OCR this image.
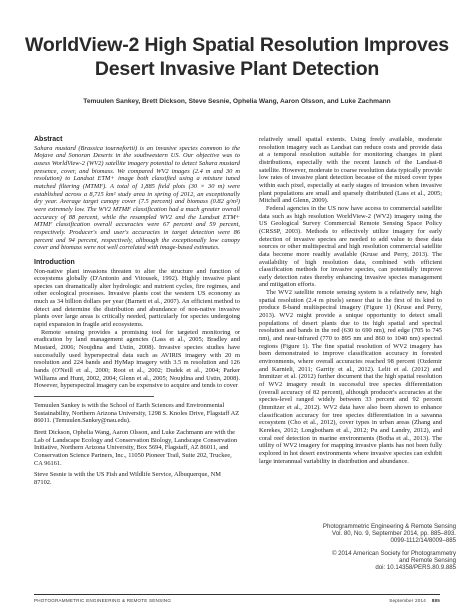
WorldView-2 High Spatial Resolution Improves
Desert Invasive Plant Detection
Temuulen Sankey, Brett Dickson, Steve Sesnie, Ophelia Wang, Aaron Olsson, and Luke Zachmann
Abstract

Sahara mustard (Brassica tournefortii) is an invasive species common to the Mojave and Sonoran Deserts in the southwestern US. Our objective was to assess WorldView-2 (WV2) satellite imagery potential to detect Sahara mustard presence, cover, and biomass. We compared WV2 images (2.4 m and 30 m resolution) to Landsat ETM+ image both classified using a mixture tuned matched filtering (MTMF). A total of 1,885 field plots (30 × 30 m) were established across a 8,715 km² study area in spring of 2012, an exceptionally dry year. Average target canopy cover (7.5 percent) and biomass (0.82 g/m²) were extremely low. The WV2 MTMF classification had a much greater overall accuracy of 88 percent, while the resampled WV2 and the Landsat ETM+ MTMF classification overall accuracies were 67 percent and 59 percent, respectively. Producer's and user's accuracies in target detection were 86 percent and 94 percent, respectively, although the exceptionally low canopy cover and biomass were not well correlated with image-based estimates.

Introduction

Non-native plant invasions threaten to alter the structure and function of ecosystems globally (D'Antonio and Vitousek, 1992). Highly invasive plant species can dramatically alter hydrologic and nutrient cycles, fire regimes, and other ecological processes. Invasive plants cost the western US economy as much as 34 billion dollars per year (Barnett et al., 2007). An efficient method to detect and determine the distribution and abundance of non-native invasive plants over large areas is critically needed, particularly for species undergoing rapid expansion in fragile arid ecosystems.

Remote sensing provides a promising tool for targeted monitoring or eradication by land management agencies (Lass et al., 2005; Bradley and Mustard, 2006; Noujdina and Ustin, 2008). Invasive species studies have successfully used hyperspectral data such as AVIRIS imagery with 20 m resolution and 224 bands and HyMap imagery with 3.5 m resolution and 126 bands (O'Neill et al., 2000; Root et al., 2002; Dudek et al., 2004; Parker Williams and Hunt, 2002, 2004; Glenn et al., 2005; Noujdina and Ustin, 2008). However, hyperspectral imagery can be expensive to acquire and tends to cover

Temuulen Sankey is with the School of Earth Sciences and Environmental Sustainability, Northern Arizona University, 1298 S. Knoles Drive, Flagstaff AZ 86011. (Temuulen.Sankey@nau.edu).

Brett Dickson, Ophelia Wang, Aaron Olsson, and Luke Zachmann are with the Lab of Landscape Ecology and Conservation Biology, Landscape Conservation Initiative, Northern Arizona University, Box 5694, Flagstaff, AZ 86011, and Conservation Science Partners, Inc., 11050 Pioneer Trail, Suite 202, Truckee, CA 96161.

Steve Sesnie is with the US Fish and Wildlife Service, Albuquerque, NM 87102.

relatively small spatial extents. Using freely available, moderate resolution imagery such as Landsat can reduce costs and provide data at a temporal resolution suitable for monitoring changes in plant distributions, especially with the recent launch of the Landsat-8 satellite. However, moderate to coarse resolution data typically provide low rates of invasive plant detection because of the mixed cover types within each pixel, especially at early stages of invasion when invasive plant populations are small and sparsely distributed (Lass et al., 2005; Mitchell and Glenn, 2009).

Federal agencies in the US now have access to commercial satellite data such as high resolution WorldView-2 (WV2) imagery using the US Geological Survey Commercial Remote Sensing Space Policy (CRSSP, 2003). Methods to effectively utilize imagery for early detection of invasive species are needed to add value to these data sources or other multispectral and high resolution commercial satellite data become more readily available (Kruse and Perry, 2013). The availability of high resolution data, combined with efficient classification methods for invasive species, can potentially improve early detection rates thereby enhancing invasive species management and mitigation efforts.

The WV2 satellite remote sensing system is a relatively new, high spatial resolution (2.4 m pixels) sensor that is the first of its kind to produce 8-band multispectral imagery (Figure 1) (Kruse and Perry, 2013). WV2 might provide a unique opportunity to detect small populations of desert plants due to its high spatial and spectral resolution and bands in the red (630 to 690 nm), red edge (705 to 745 nm), and near-infrared (770 to 895 nm and 860 to 1040 nm) spectral regions (Figure 1). The fine spatial resolution of WV2 imagery has been demonstrated to improve classification accuracy in forested environments, where overall accuracies reached 98 percent (Ozdemir and Karnieli, 2011; Garrity et al., 2012). Lelit et al. (2012) and Immitzer et al. (2012) further document that the high spatial resolution of WV2 imagery result in successful tree species differentiation (overall accuracy of 82 percent), although producer's accuracies at the species-level ranged widely between 33 percent and 92 percent (Immitzer et al., 2012). WV2 data have also been shown to enhance classification accuracy for tree species differentiation in a savanna ecosystem (Cho et al., 2012), cover types in urban areas (Zhang and Kerekes, 2012; Longbotham et al., 2012; Pu and Landry, 2012), and coral reef detection in marine environments (Botha et al., 2013). The utility of WV2 imagery for mapping invasive plants has not been fully explored in hot desert environments where invasive species can exhibit large interannual variability in distribution and abundance.

Photogrammetric Engineering & Remote Sensing
Vol. 80, No. 9, September 2014, pp. 885–893.
0099-1112/14/8009–885
© 2014 American Society for Photogrammetry
and Remote Sensing
doi: 10.14358/PERS.80.9.885
PHOTOGRAMMETRIC ENGINEERING & REMOTE SENSING	September 2014 885
